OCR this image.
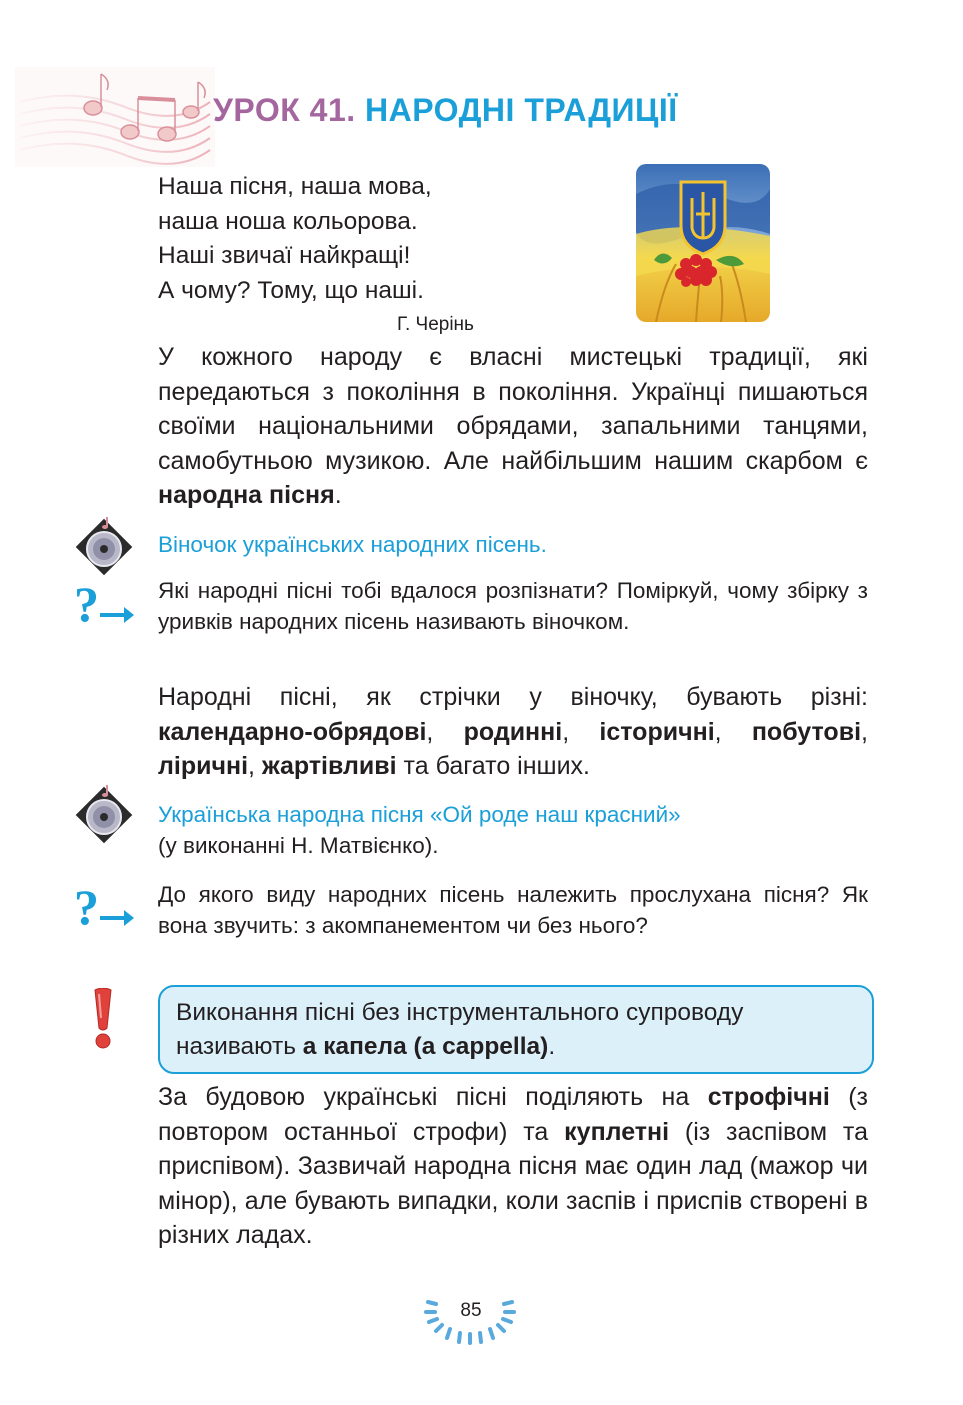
УРОК 41. НАРОДНІ ТРАДИЦІЇ
Наша пісня, наша мова,
наша ноша кольорова.
Наші звичаї найкращі!
А чому? Тому, що наші.
Г. Черінь
У кожного народу є власні мистецькі традиції, які передаються з покоління в покоління. Українці пишаються своїми національними обрядами, запальними танцями, самобутньою музикою. Але найбільшим нашим скарбом є народна пісня.
Віночок українських народних пісень.
?	Які народні пісні тобі вдалося розпізнати? Поміркуй, чому збірку з уривків народних пісень називають віночком.
Народні пісні, як стрічки у віночку, бувають різні: календарно-обрядові, родинні, історичні, побутові, ліричні, жартівливі та багато інших.
Українська народна пісня «Ой роде наш красний»
(у виконанні Н. Матвієнко).
?	До якого виду народних пісень належить прослухана пісня? Як вона звучить: з акомпанементом чи без нього?
Виконання пісні без інструментального супроводу називають а капела (a cappella).
За будовою українські пісні поділяють на строфічні (з повтором останньої строфи) та куплетні (із заспівом та приспівом). Зазвичай народна пісня має один лад (мажор чи мінор), але бувають випадки, коли заспів і приспів створені в різних ладах.
85
